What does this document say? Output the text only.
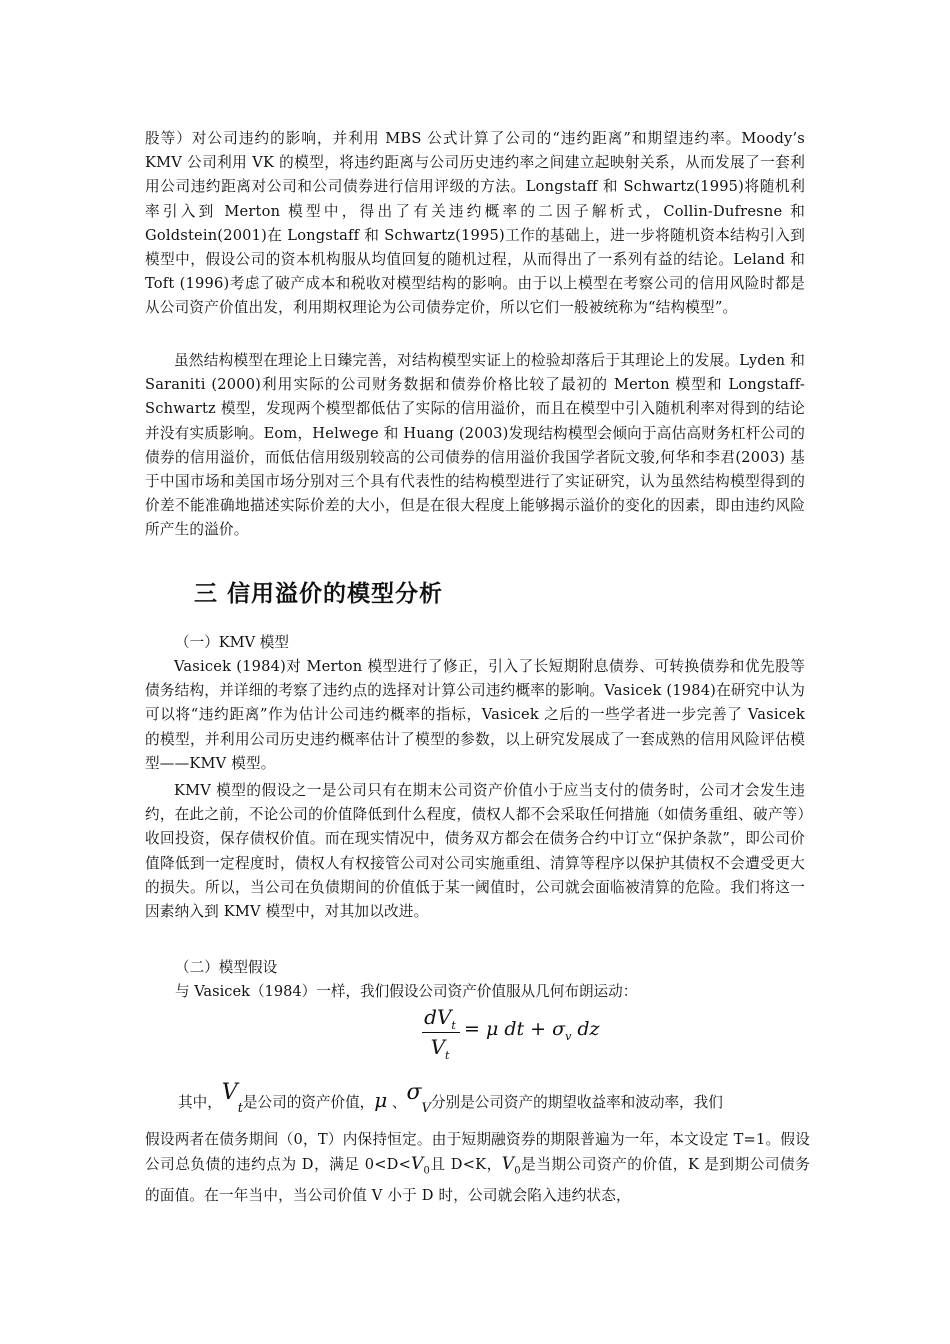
股等）对公司违约的影响，并利用 MBS 公式计算了公司的“违约距离”和期望违约率。Moody’s KMV 公司利用 VK 的模型，将违约距离与公司历史违约率之间建立起映射关系，从而发展了一套利用公司违约距离对公司和公司债券进行信用评级的方法。Longstaff 和 Schwartz(1995)将随机利率引入到 Merton 模型中，得出了有关违约概率的二因子解析式，Collin-Dufresne 和 Goldstein(2001)在 Longstaff 和 Schwartz(1995)工作的基础上，进一步将随机资本结构引入到模型中，假设公司的资本机构服从均值回复的随机过程，从而得出了一系列有益的结论。Leland 和 Toft (1996)考虑了破产成本和税收对模型结构的影响。由于以上模型在考察公司的信用风险时都是从公司资产价值出发，利用期权理论为公司债券定价，所以它们一般被统称为“结构模型”。

虽然结构模型在理论上日臻完善，对结构模型实证上的检验却落后于其理论上的发展。Lyden 和 Saraniti (2000)利用实际的公司财务数据和债券价格比较了最初的 Merton 模型和 Longstaff-Schwartz 模型，发现两个模型都低估了实际的信用溢价，而且在模型中引入随机利率对得到的结论并没有实质影响。Eom，Helwege 和 Huang (2003)发现结构模型会倾向于高估高财务杠杆公司的债券的信用溢价，而低估信用级别较高的公司债券的信用溢价我国学者阮文骏,何华和李君(2003) 基于中国市场和美国市场分别对三个具有代表性的结构模型进行了实证研究，认为虽然结构模型得到的价差不能准确地描述实际价差的大小，但是在很大程度上能够揭示溢价的变化的因素，即由违约风险所产生的溢价。

三 信用溢价的模型分析

（一）KMV 模型

Vasicek (1984)对 Merton 模型进行了修正，引入了长短期附息债券、可转换债券和优先股等债务结构，并详细的考察了违约点的选择对计算公司违约概率的影响。Vasicek (1984)在研究中认为可以将“违约距离”作为估计公司违约概率的指标，Vasicek 之后的一些学者进一步完善了 Vasicek 的模型，并利用公司历史违约概率估计了模型的参数，以上研究发展成了一套成熟的信用风险评估模型——KMV 模型。

KMV 模型的假设之一是公司只有在期末公司资产价值小于应当支付的债务时，公司才会发生违约，在此之前，不论公司的价值降低到什么程度，债权人都不会采取任何措施（如债务重组、破产等）收回投资，保存债权价值。而在现实情况中，债务双方都会在债务合约中订立“保护条款”，即公司价值降低到一定程度时，债权人有权接管公司对公司实施重组、清算等程序以保护其债权不会遭受更大的损失。所以，当公司在负债期间的价值低于某一阈值时，公司就会面临被清算的危险。我们将这一因素纳入到 KMV 模型中，对其加以改进。

（二）模型假设

与 Vasicek（1984）一样，我们假设公司资产价值服从几何布朗运动：

$dV_t$
$V_t$
= μ dt + $\sigma_v$ dz

其中，$V_t$是公司的资产价值，μ 、$\sigma_V$分别是公司资产的期望收益率和波动率，我们

假设两者在债务期间（0，T）内保持恒定。由于短期融资券的期限普遍为一年，本文设定 T=1。假设公司总负债的违约点为 D，满足 $0<D<V_0$且 D<K，$V_0$是当期公司资产的价值，K 是到期公司债务的面值。在一年当中，当公司价值 V 小于 D 时，公司就会陷入违约状态，
